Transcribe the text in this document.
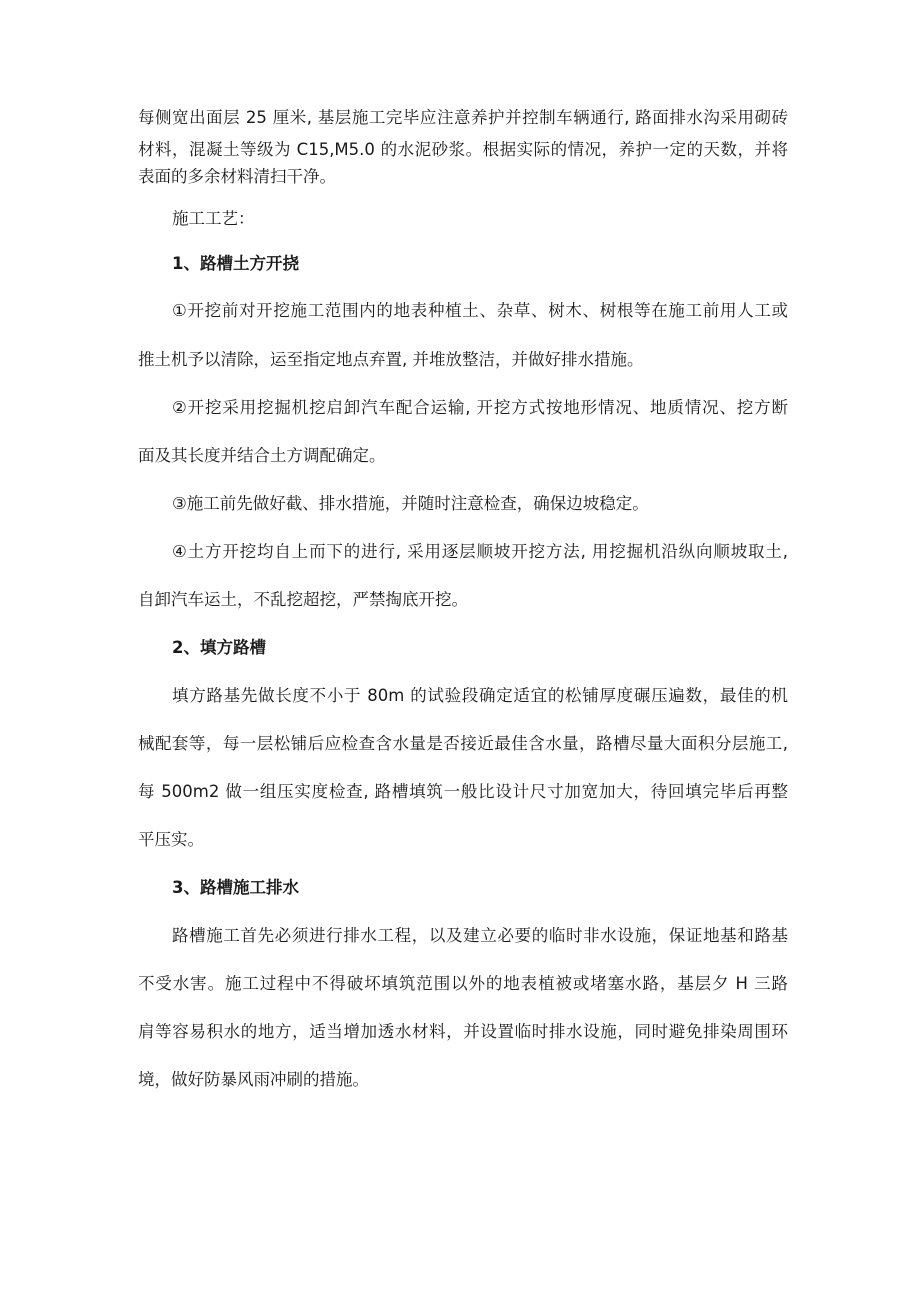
每侧宽出面层 25 厘米, 基层施工完毕应注意养护并控制车辆通行, 路面排水沟采用砌砖
材料，混凝土等级为 C15,M5.0 的水泥砂浆。根据实际的情况，养护一定的天数，并将
表面的多余材料清扫干净。
施工工艺：
1、路槽土方开挠
①开挖前对开挖施工范围内的地表种植土、杂草、树木、树根等在施工前用人工或
推土机予以清除，运至指定地点弃置, 并堆放整洁，并做好排水措施。
②开挖采用挖掘机挖启卸汽车配合运输, 开挖方式按地形情况、地质情况、挖方断
面及其长度并结合土方调配确定。
③施工前先做好截、排水措施，并随时注意检查，确保边坡稳定。
④土方开挖均自上而下的进行, 采用逐层顺坡开挖方法, 用挖掘机沿纵向顺坡取土,
自卸汽车运土，不乱挖超挖，严禁掏底开挖。
2、填方路槽
填方路基先做长度不小于 80m 的试验段确定适宜的松铺厚度碾压遍数，最佳的机
械配套等，每一层松铺后应检查含水量是否接近最佳含水量，路槽尽量大面积分层施工,
每 500m2 做一组压实度检查, 路槽填筑一般比设计尺寸加宽加大，待回填完毕后再整
平压实。
3、路槽施工排水
路槽施工首先必须进行排水工程，以及建立必要的临时非水设施，保证地基和路基
不受水害。施工过程中不得破坏填筑范围以外的地表植被或堵塞水路，基层夕 H 三路
肩等容易积水的地方，适当增加透水材料，并设置临时排水设施，同时避免排染周围环
境，做好防暴风雨冲刷的措施。
